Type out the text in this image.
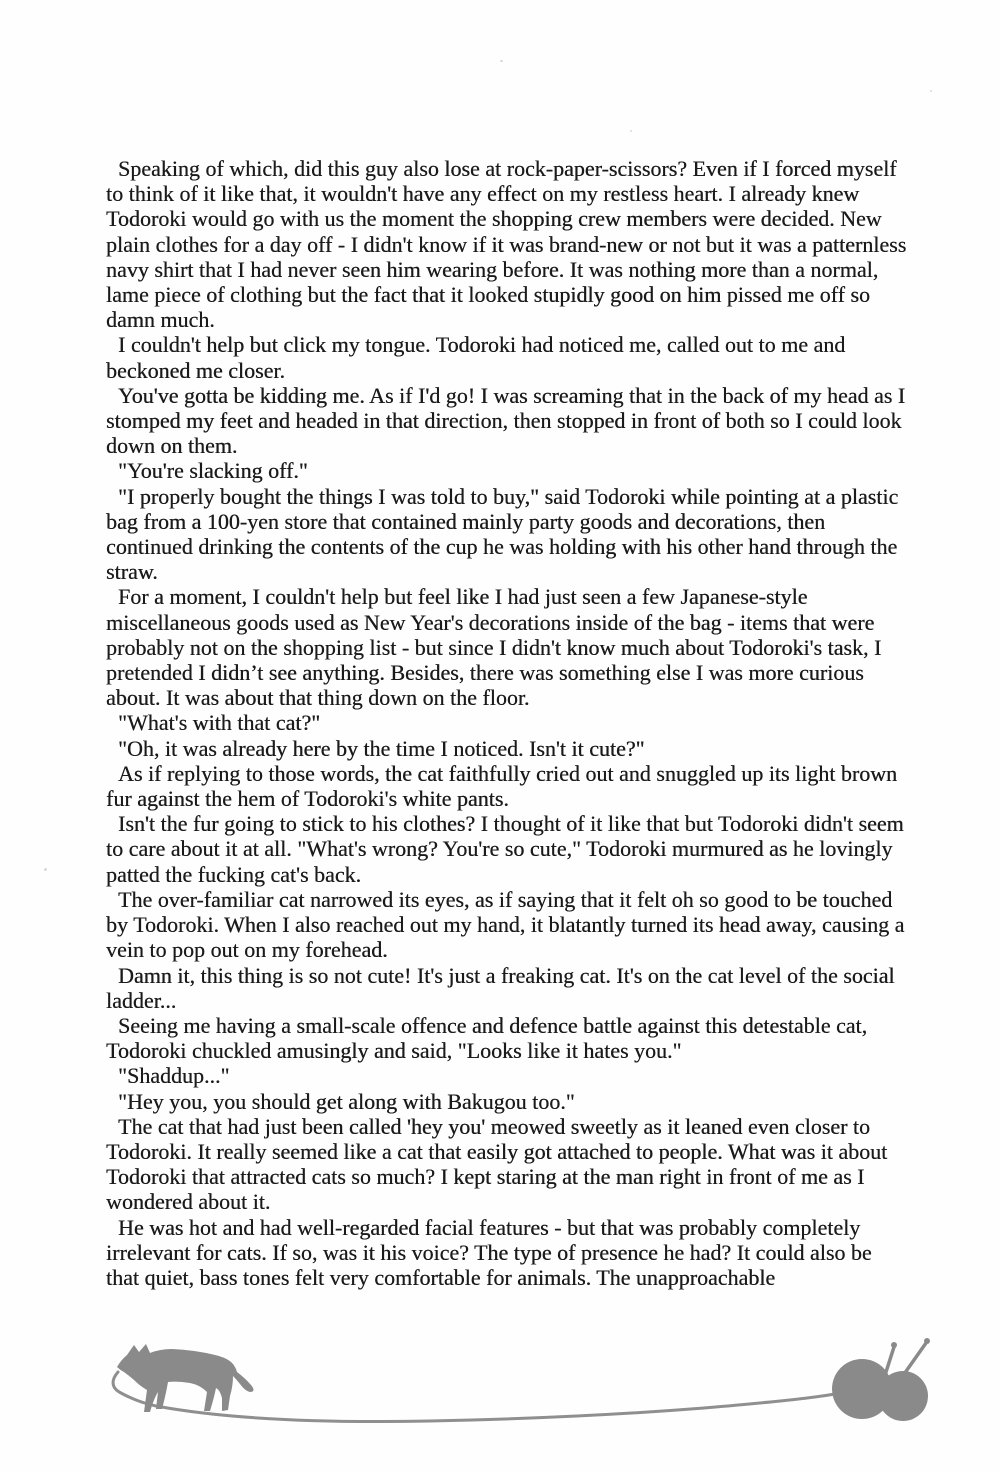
Speaking of which, did this guy also lose at rock-paper-scissors? Even if I forced myself to think of it like that, it wouldn't have any effect on my restless heart. I already knew Todoroki would go with us the moment the shopping crew members were decided. New plain clothes for a day off - I didn't know if it was brand-new or not but it was a patternless navy shirt that I had never seen him wearing before. It was nothing more than a normal, lame piece of clothing but the fact that it looked stupidly good on him pissed me off so damn much.

I couldn't help but click my tongue. Todoroki had noticed me, called out to me and beckoned me closer.

You've gotta be kidding me. As if I'd go! I was screaming that in the back of my head as I stomped my feet and headed in that direction, then stopped in front of both so I could look down on them.

"You're slacking off."

"I properly bought the things I was told to buy," said Todoroki while pointing at a plastic bag from a 100-yen store that contained mainly party goods and decorations, then continued drinking the contents of the cup he was holding with his other hand through the straw.

For a moment, I couldn't help but feel like I had just seen a few Japanese-style miscellaneous goods used as New Year's decorations inside of the bag - items that were probably not on the shopping list - but since I didn't know much about Todoroki's task, I pretended I didn’t see anything. Besides, there was something else I was more curious about. It was about that thing down on the floor.

"What's with that cat?"

"Oh, it was already here by the time I noticed. Isn't it cute?"

As if replying to those words, the cat faithfully cried out and snuggled up its light brown fur against the hem of Todoroki's white pants.

Isn't the fur going to stick to his clothes? I thought of it like that but Todoroki didn't seem to care about it at all. "What's wrong? You're so cute," Todoroki murmured as he lovingly patted the fucking cat's back.

The over-familiar cat narrowed its eyes, as if saying that it felt oh so good to be touched by Todoroki. When I also reached out my hand, it blatantly turned its head away, causing a vein to pop out on my forehead.

Damn it, this thing is so not cute! It's just a freaking cat. It's on the cat level of the social ladder...

Seeing me having a small-scale offence and defence battle against this detestable cat, Todoroki chuckled amusingly and said, "Looks like it hates you."

"Shaddup..."

"Hey you, you should get along with Bakugou too."

The cat that had just been called 'hey you' meowed sweetly as it leaned even closer to Todoroki. It really seemed like a cat that easily got attached to people. What was it about Todoroki that attracted cats so much? I kept staring at the man right in front of me as I wondered about it.

He was hot and had well-regarded facial features - but that was probably completely irrelevant for cats. If so, was it his voice? The type of presence he had? It could also be that quiet, bass tones felt very comfortable for animals. The unapproachable
